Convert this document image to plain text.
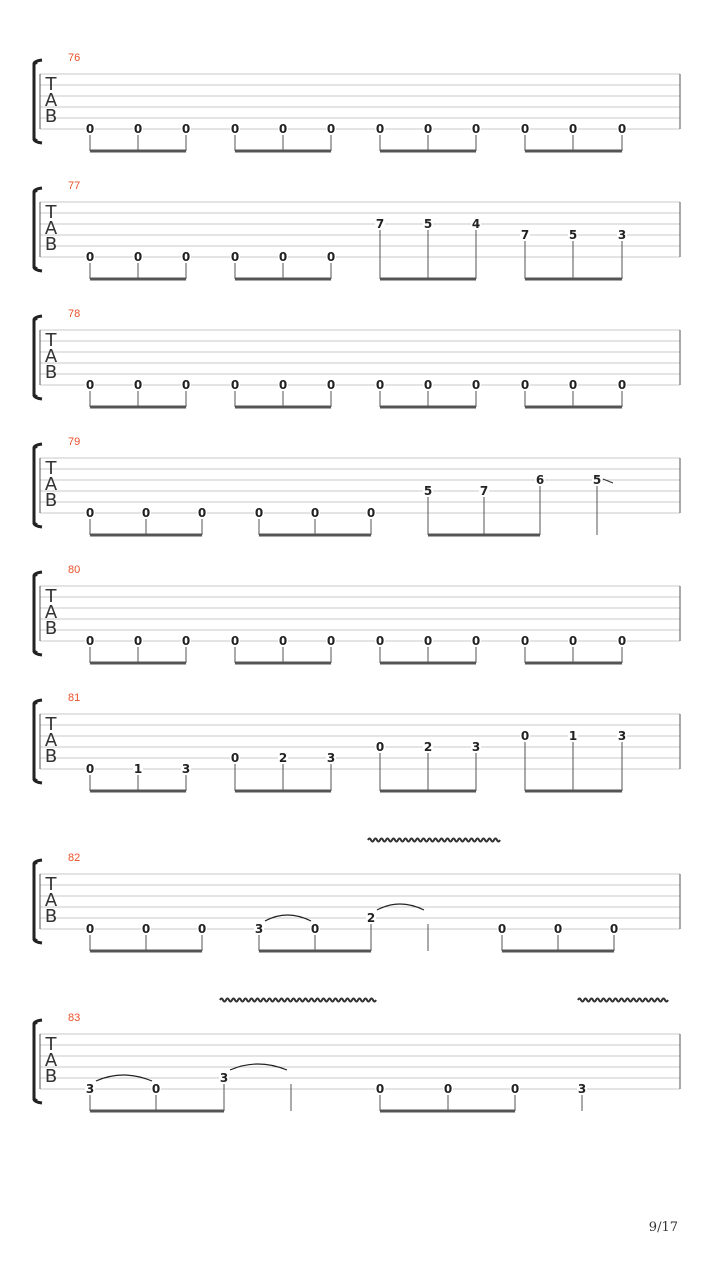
T
A
B
76
0	0	0	0	0	0	0	0	0	0	0	0
T
A
B
77
0	0	0	0	0	0
7	5	4
7	5	3
T
A
B
78
0	0	0	0	0	0	0	0	0	0	0	0
T
A
B
79
0	0	0	0	0	0
5	7
6	5
T
A
B
80
0	0	0	0	0	0	0	0	0	0	0	0
T
A
B
81
0	1	3
0	2	3
0	2	3
0	1	3
T
A
B
82
0	0	0	3	0
2
0	0	0
T
A
B
83
3	0
3
0	0	0	3
9/17
